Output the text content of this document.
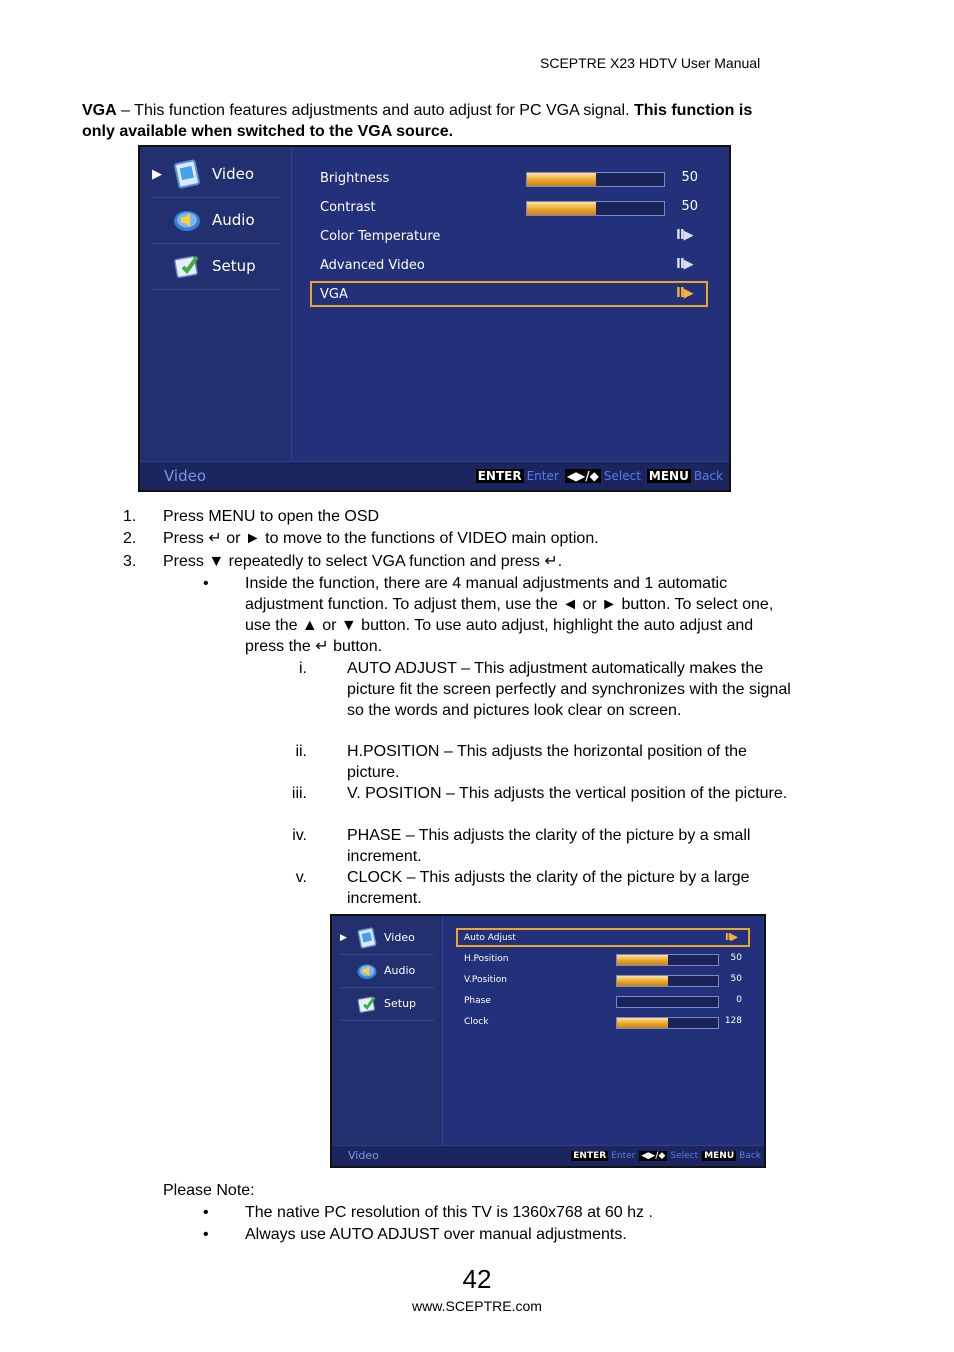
SCEPTRE X23 HDTV User Manual
VGA – This function features adjustments and auto adjust for PC VGA signal. This function is only available when switched to the VGA source.
▶	Video
Audio
Setup
Brightness	50
Contrast	50
Color Temperature	II▶
Advanced Video	II▶
VGA	II▶
Video	ENTER Enter ◀▶/◆ Select MENU Back
1. Press MENU to open the OSD
2. Press ↵ or ► to move to the functions of VIDEO main option.
3. Press ▼ repeatedly to select VGA function and press ↵.
• Inside the function, there are 4 manual adjustments and 1 automatic adjustment function. To adjust them, use the ◄ or ► button. To select one, use the ▲ or ▼ button. To use auto adjust, highlight the auto adjust and press the ↵ button.
i.	AUTO ADJUST – This adjustment automatically makes the picture fit the screen perfectly and synchronizes with the signal so the words and pictures look clear on screen.
ii.	H.POSITION – This adjusts the horizontal position of the picture.
iii.	V. POSITION – This adjusts the vertical position of the picture.
iv.	PHASE – This adjusts the clarity of the picture by a small increment.
v.	CLOCK – This adjusts the clarity of the picture by a large increment.
▶	Video
Audio
Setup
Auto Adjust	II▶
H.Position	50
V.Position	50
Phase	0
Clock	128
Video	ENTER Enter ◀▶/◆ Select MENU Back
Please Note:
• The native PC resolution of this TV is 1360x768 at 60 hz .
• Always use AUTO ADJUST over manual adjustments.
42
www.SCEPTRE.com
